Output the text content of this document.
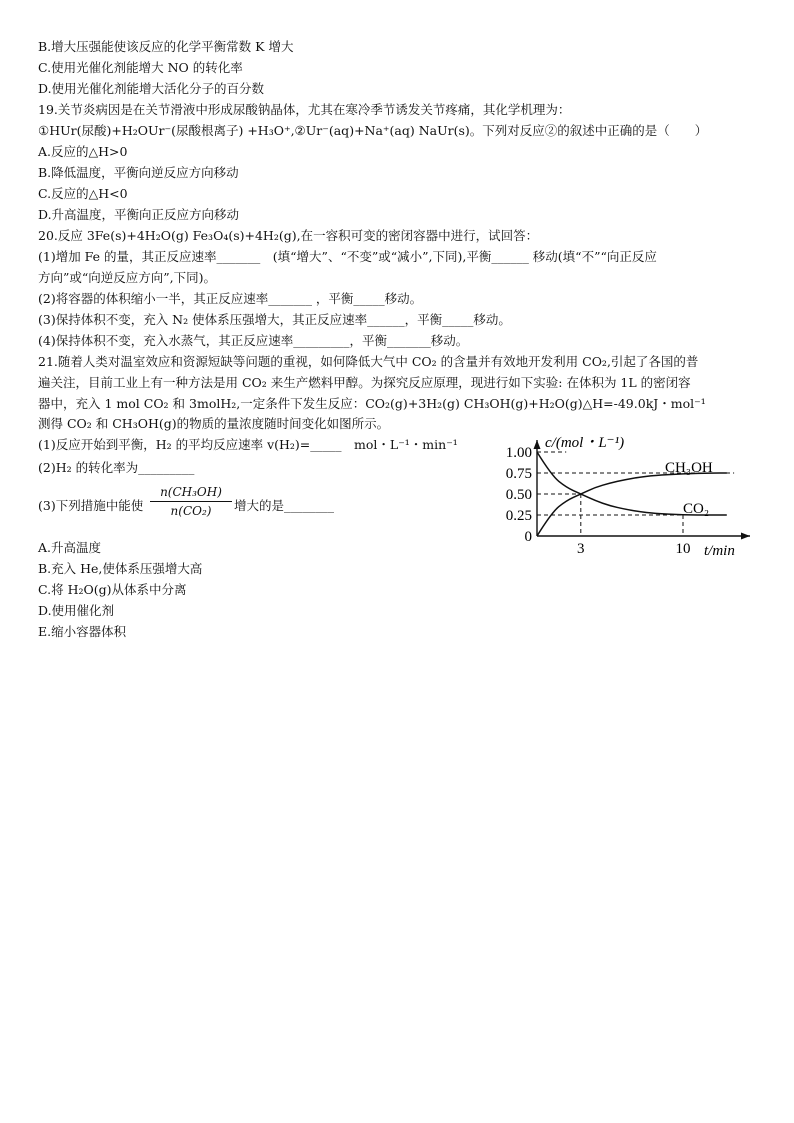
B.增大压强能使该反应的化学平衡常数 K 增大
C.使用光催化剂能增大 NO 的转化率
D.使用光催化剂能增大活化分子的百分数
19.关节炎病因是在关节滑液中形成尿酸钠晶体，尤其在寒冷季节诱发关节疼痛，其化学机理为：
①HUr(尿酸)+H₂OUr⁻(尿酸根离子) +H₃O⁺,②Ur⁻(aq)+Na⁺(aq) NaUr(s)。下列对反应②的叙述中正确的是（　　）
A.反应的△H>0
B.降低温度，平衡向逆反应方向移动
C.反应的△H<0
D.升高温度，平衡向正反应方向移动
20.反应 3Fe(s)+4H₂O(g) Fe₃O₄(s)+4H₂(g),在一容积可变的密闭容器中进行，试回答：
(1)增加 Fe 的量，其正反应速率_______　(填“增大”、“不变”或“减小”,下同),平衡______ 移动(填“不”“向正反应
方向”或“向逆反应方向”,下同)。
(2)将容器的体积缩小一半，其正反应速率_______ ，平衡_____移动。
(3)保持体积不变，充入 N₂ 使体系压强增大，其正反应速率______，平衡_____移动。
(4)保持体积不变，充入水蒸气，其正反应速率_________，平衡_______移动。
21.随着人类对温室效应和资源短缺等问题的重视，如何降低大气中 CO₂ 的含量并有效地开发利用 CO₂,引起了各国的普
遍关注，目前工业上有一种方法是用 CO₂ 来生产燃料甲醇。为探究反应原理，现进行如下实验: 在体积为 1L 的密闭容
器中，充入 1 mol CO₂ 和 3molH₂,一定条件下发生反应：CO₂(g)+3H₂(g) CH₃OH(g)+H₂O(g)△H=-49.0kJ・mol⁻¹
测得 CO₂ 和 CH₃OH(g)的物质的量浓度随时间变化如图所示。
(1)反应开始到平衡，H₂ 的平均反应速率 v(H₂)=_____　mol・L⁻¹・min⁻¹
(2)H₂ 的转化率为_________
(3)下列措施中能使
n(CH₃OH)
n(CO₂)	增大的是________
A.升高温度
B.充入 He,使体系压强增大高
C.将 H₂O(g)从体系中分离
D.使用催化剂
E.缩小容器体积
1.00
0.75
0.50
0.25
0
3	10
CH₃OH
CO₂
c/(mol・L⁻¹)
t/min
